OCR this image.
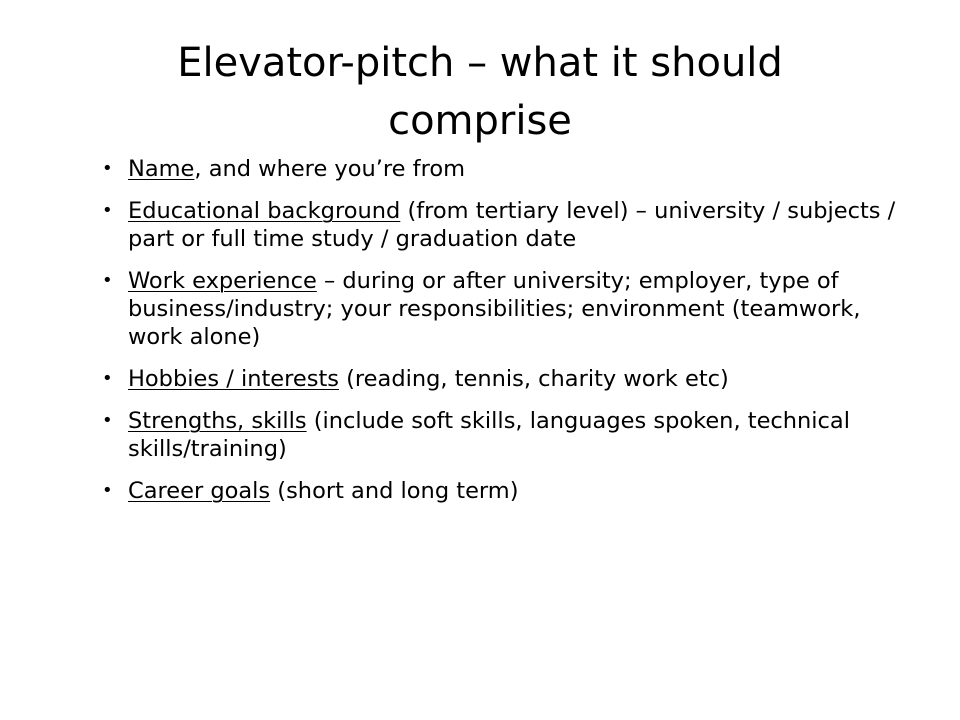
Elevator-pitch – what it should comprise
• Name, and where you’re from
• Educational background (from tertiary level) – university / subjects / part or full time study / graduation date
• Work experience – during or after university; employer, type of business/industry; your responsibilities; environment (teamwork, work alone)
• Hobbies / interests (reading, tennis, charity work etc)
• Strengths, skills (include soft skills, languages spoken, technical skills/training)
• Career goals (short and long term)
